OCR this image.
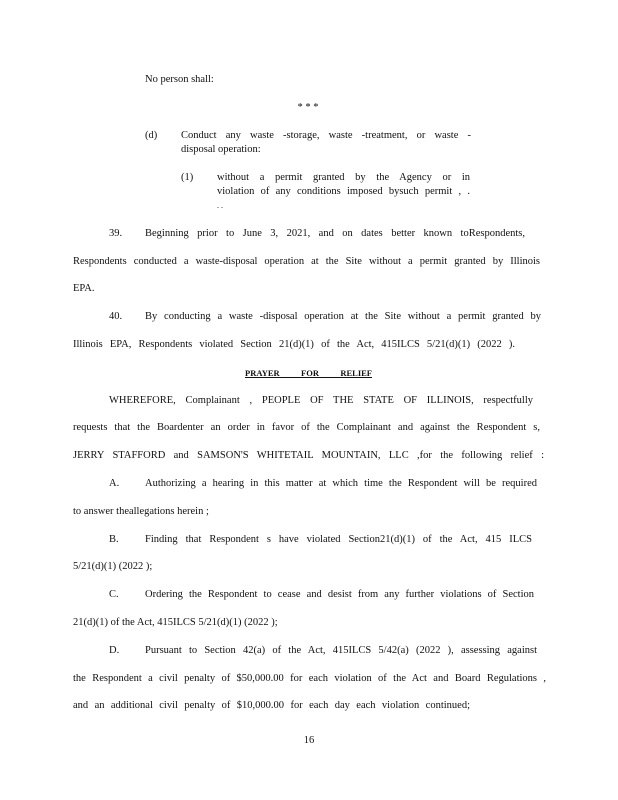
No person shall:
* * *
(d) Conduct any waste -storage, waste -treatment, or waste -
disposal operation:
(1) without a permit granted by the Agency or in
violation of any conditions imposed bysuch permit , .
. .
39. Beginning prior to June 3, 2021, and on dates better known toRespondents,
Respondents conducted a waste-disposal operation at the Site without a permit granted by Illinois
EPA.
40. By conducting a waste -disposal operation at the Site without a permit granted by
Illinois EPA, Respondents violated Section 21(d)(1) of the Act, 415ILCS 5/21(d)(1) (2022 ).
PRAYER FOR RELIEF
WHEREFORE, Complainant , PEOPLE OF THE STATE OF ILLINOIS, respectfully
requests that the Boardenter an order in favor of the Complainant and against the Respondent s,
JERRY STAFFORD and SAMSON'S WHITETAIL MOUNTAIN, LLC ,for the following relief :
A. Authorizing a hearing in this matter at which time the Respondent will be required
to answer theallegations herein ;
B.	Finding that Respondent s have violated Section21(d)(1) of the Act, 415 ILCS
5/21(d)(1) (2022 );
C.	Ordering the Respondent to cease and desist from any further violations of Section
21(d)(1) of the Act, 415ILCS 5/21(d)(1) (2022 );
D. Pursuant to Section 42(a) of the Act, 415ILCS 5/42(a) (2022 ), assessing against
the Respondent a civil penalty of $50,000.00 for each violation of the Act and Board Regulations ,
and an additional civil penalty of $10,000.00 for each day each violation continued;
16
